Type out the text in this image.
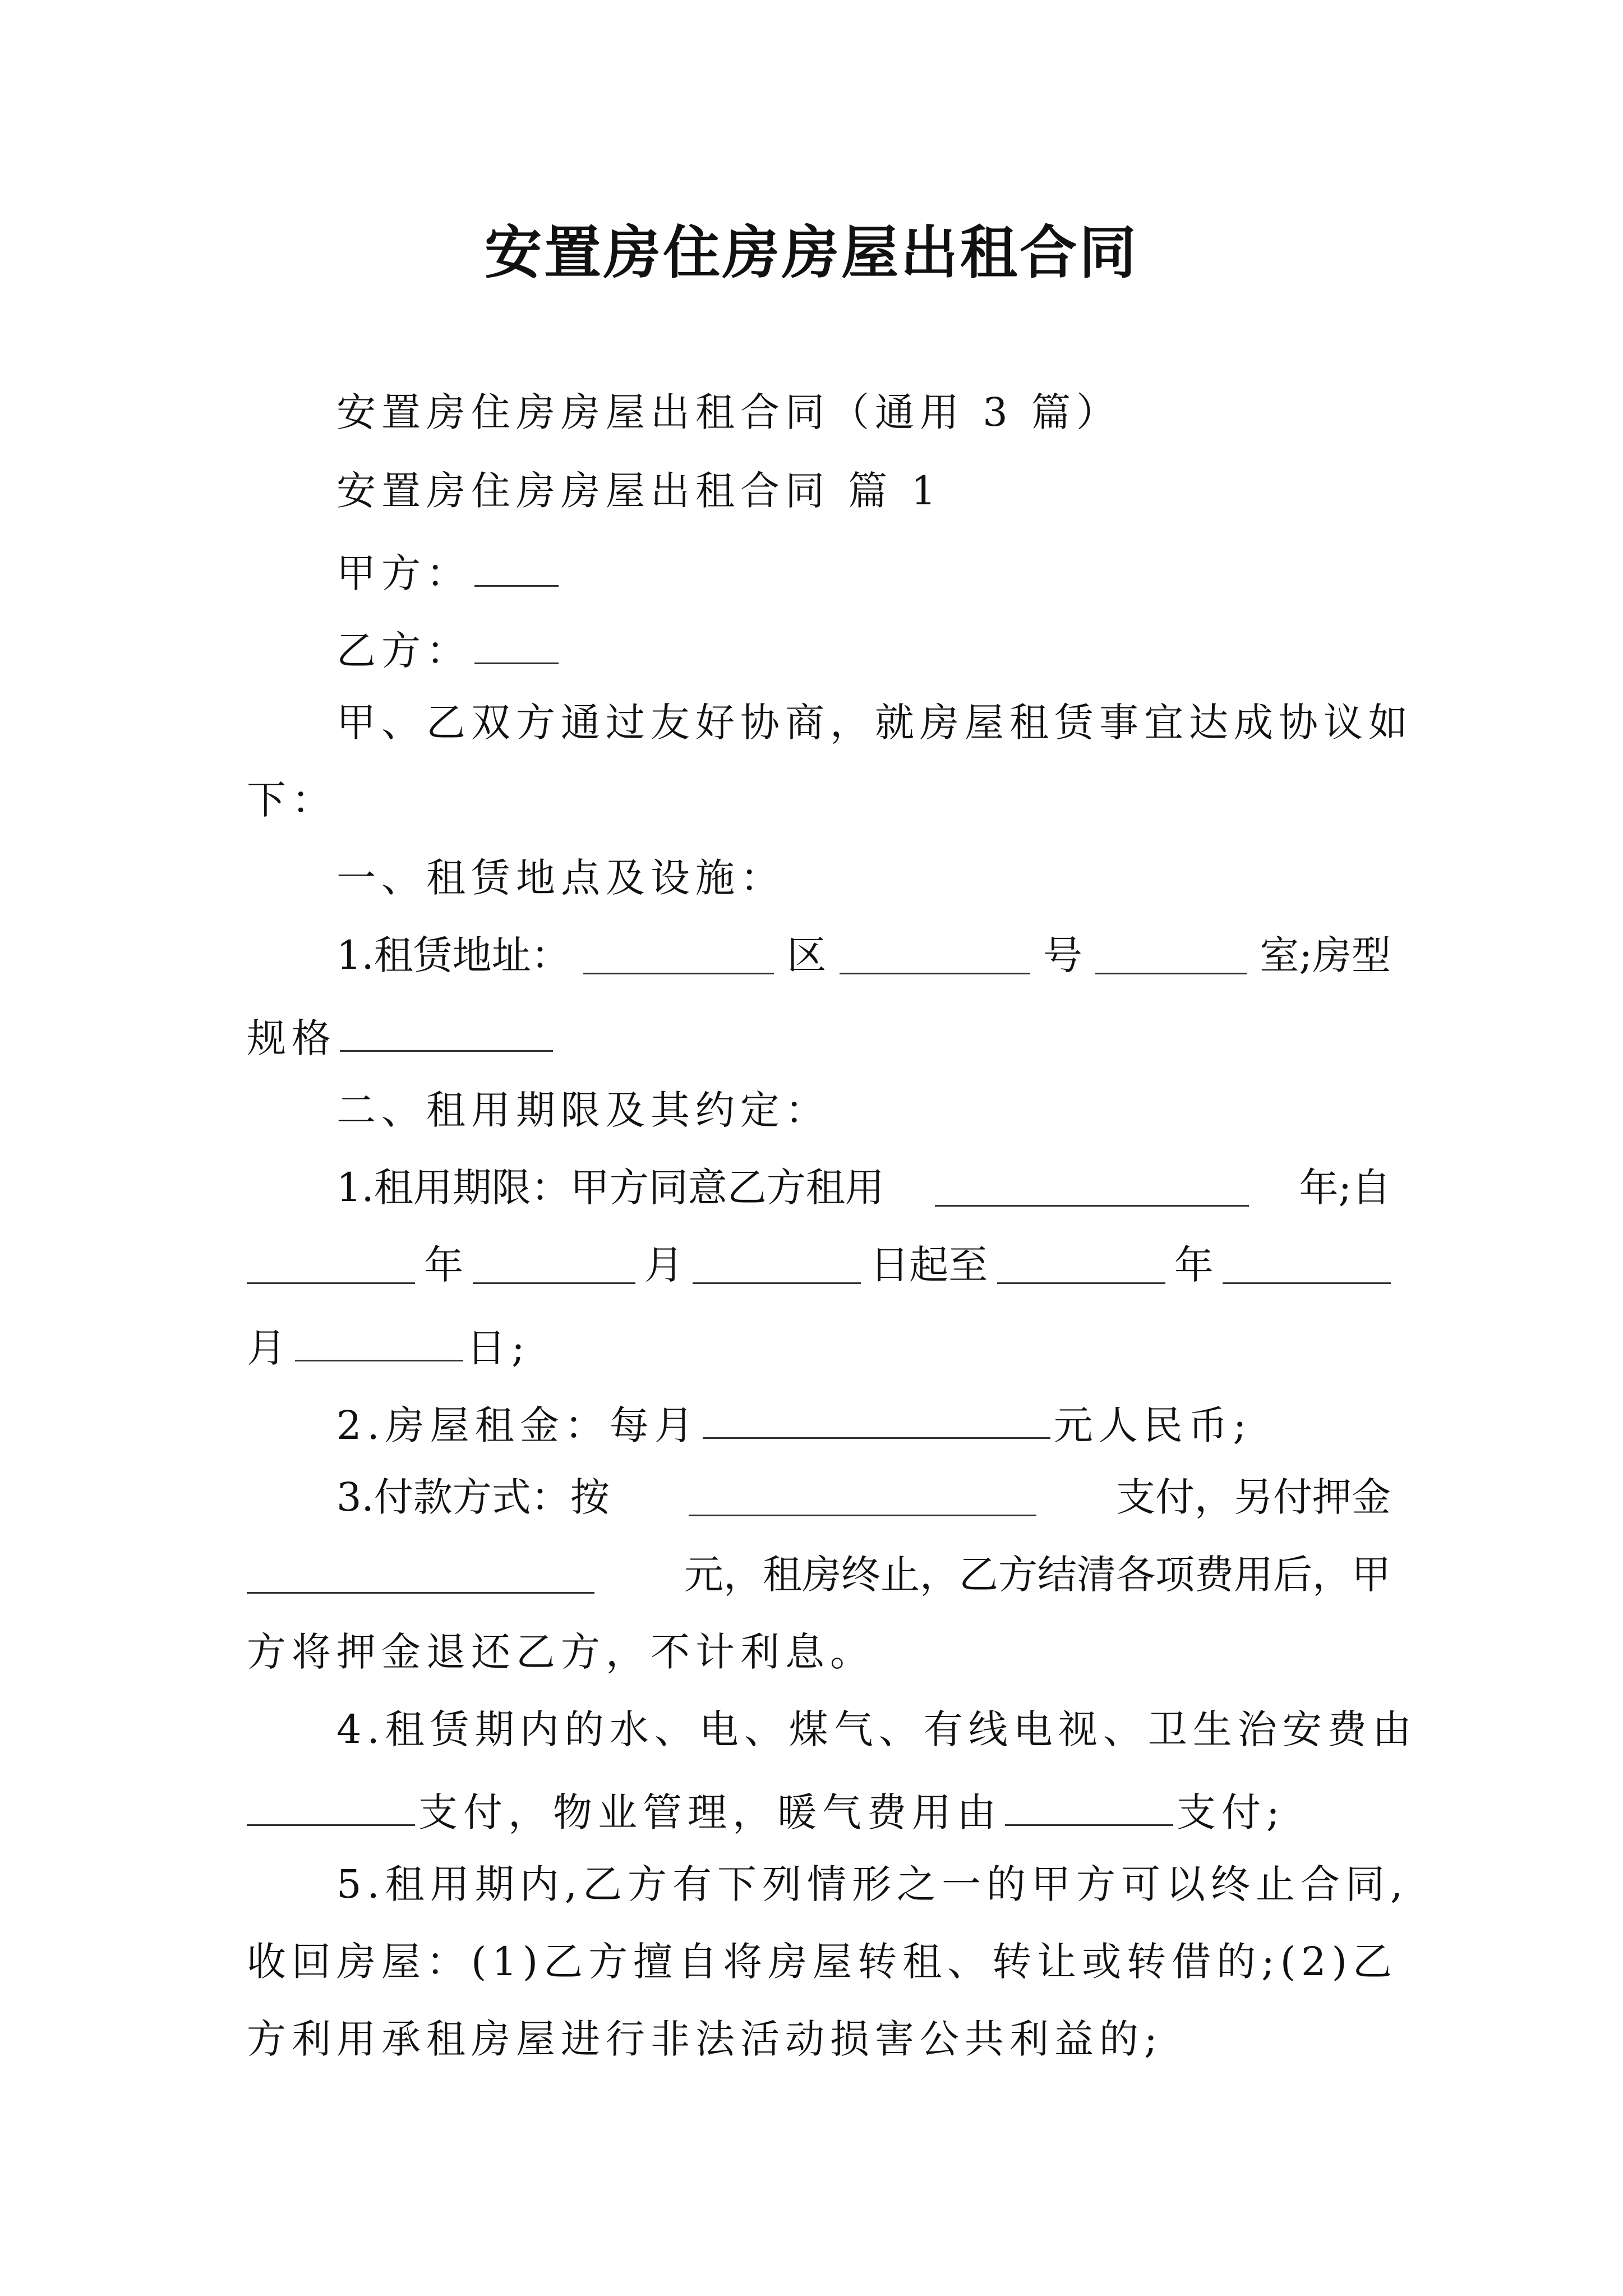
安置房住房房屋出租合同
安置房住房房屋出租合同（通用 3 篇）
安置房住房房屋出租合同 篇 1
甲方：
乙方：
甲、乙双方通过友好协商，就房屋租赁事宜达成协议如
下：
一、租赁地点及设施：
1.租赁地址：	区	号	室;房型
规格
二、租用期限及其约定：
1.租用期限：甲方同意乙方租用	年;自
年	月	日起至	年
月	日;
2.房屋租金：每月	元人民币;
3.付款方式：按	支付，另付押金
元，租房终止，乙方结清各项费用后，甲
方将押金退还乙方，不计利息。
4.租赁期内的水、电、煤气、有线电视、卫生治安费由
支付，物业管理，暖气费用由	支付;
5.租用期内,乙方有下列情形之一的甲方可以终止合同,
收回房屋：(1)乙方擅自将房屋转租、转让或转借的;(2)乙
方利用承租房屋进行非法活动损害公共利益的;
